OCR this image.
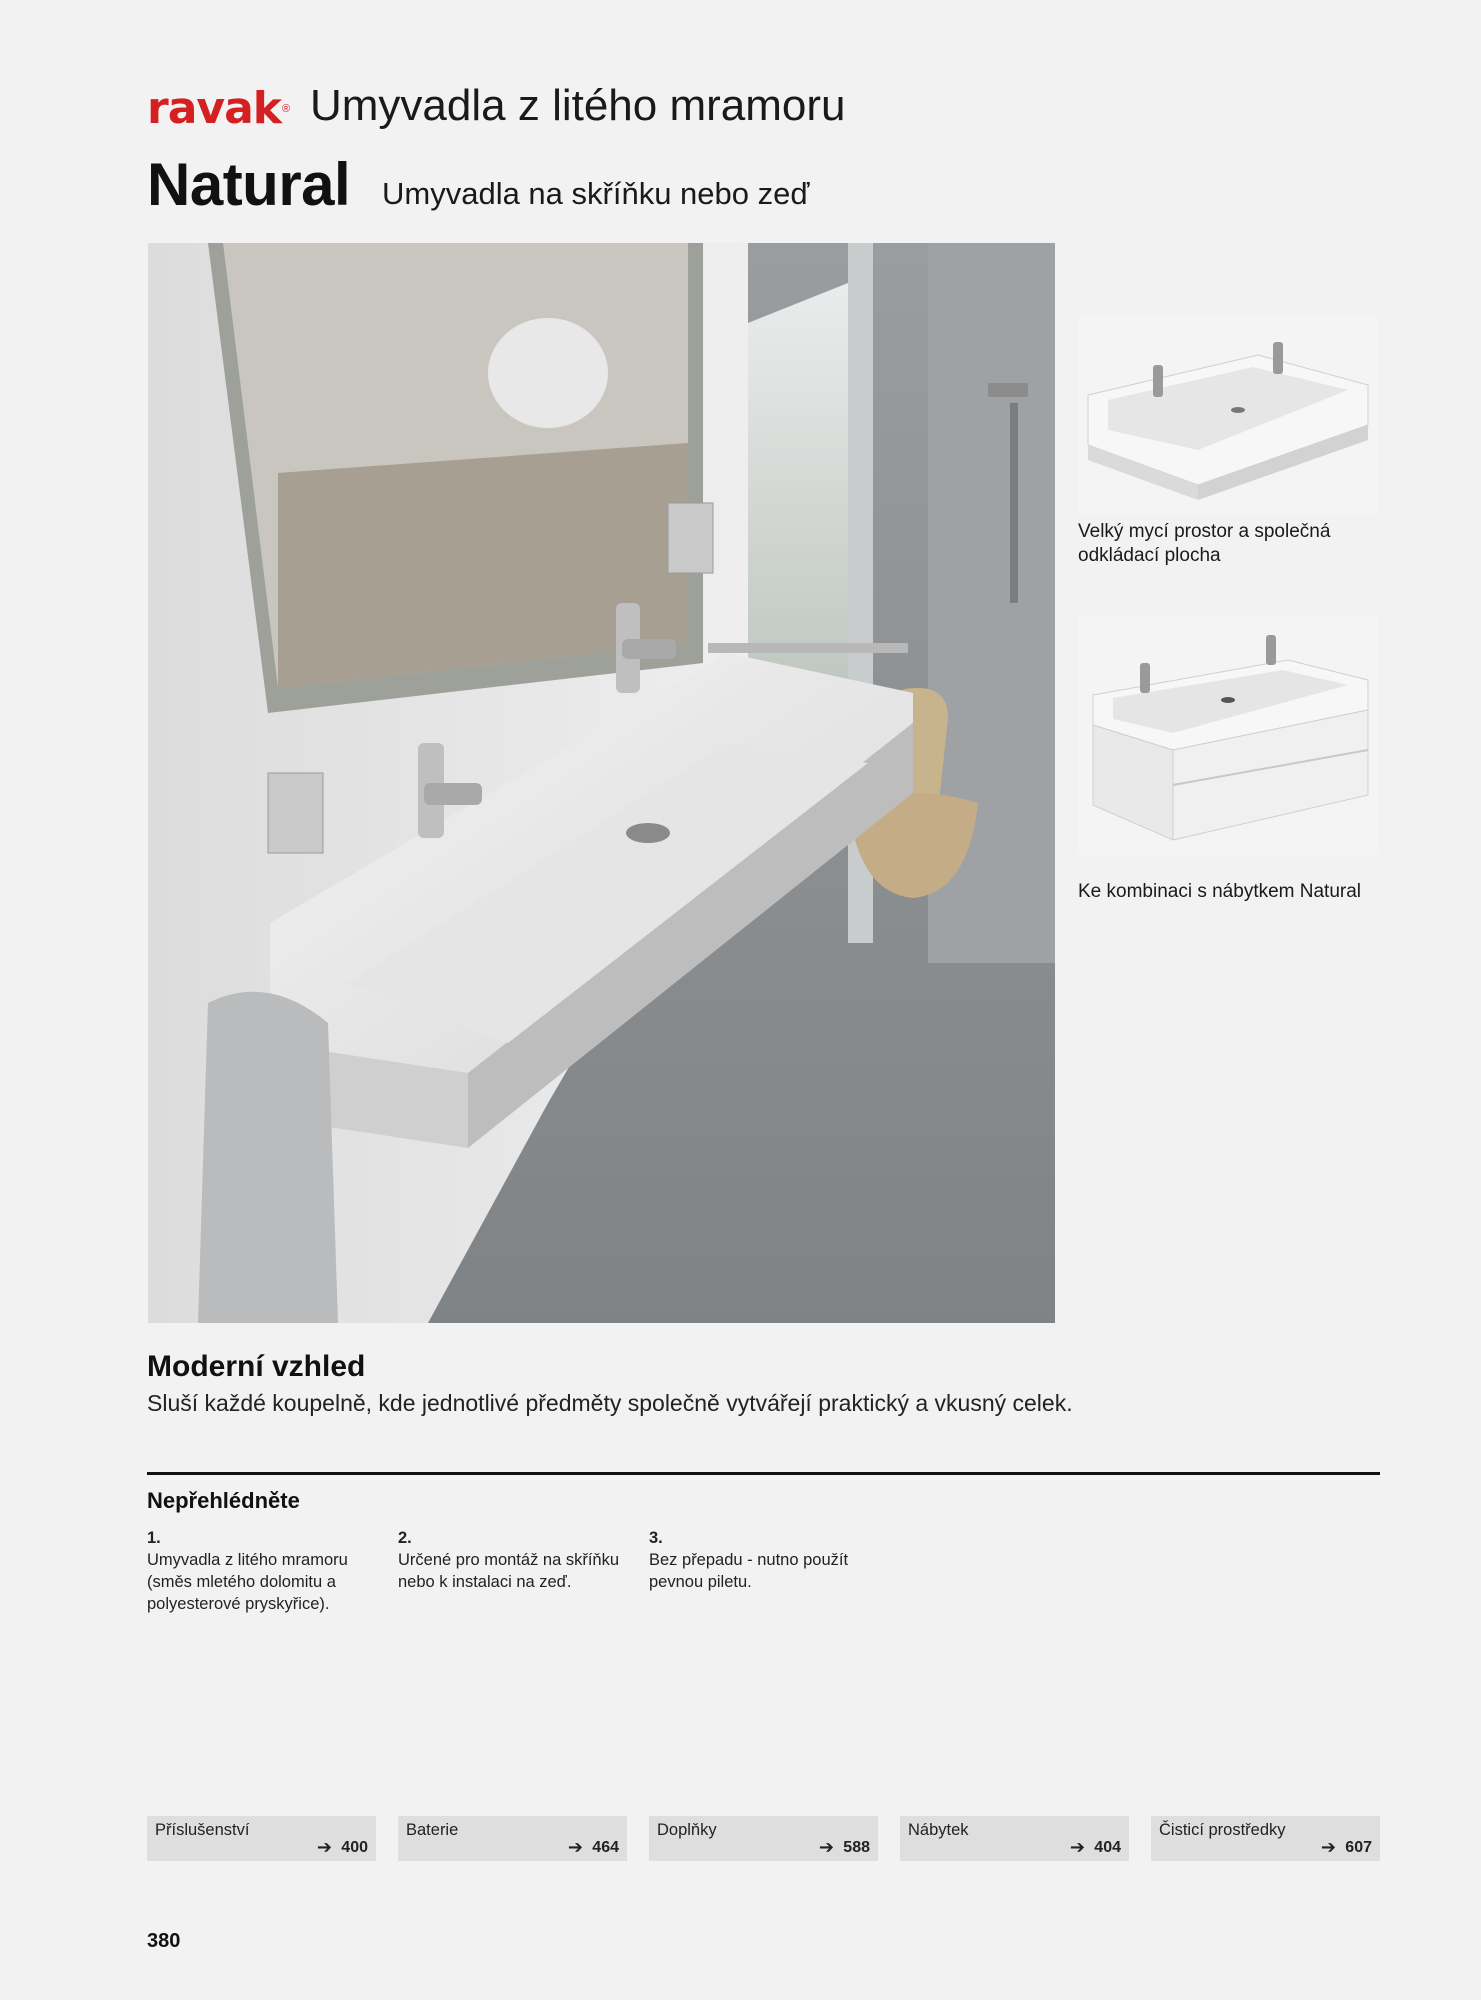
ravak ® Umyvadla z litého mramoru
Natural Umyvadla na skříňku nebo zeď
Velký mycí prostor a společná odkládací plocha
Ke kombinaci s nábytkem Natural
Moderní vzhled
Sluší každé koupelně, kde jednotlivé předměty společně vytvářejí praktický a vkusný celek.
Nepřehlédněte
1.
Umyvadla z litého mramoru (směs mletého dolomitu a polyesterové pryskyřice).
2.
Určené pro montáž na skříňku nebo k instalaci na zeď.
3.
Bez přepadu - nutno použít pevnou piletu.
Příslušenství
➔ 400
Baterie
➔ 464
Doplňky
➔ 588
Nábytek
➔ 404
Čisticí prostředky
➔ 607
380
